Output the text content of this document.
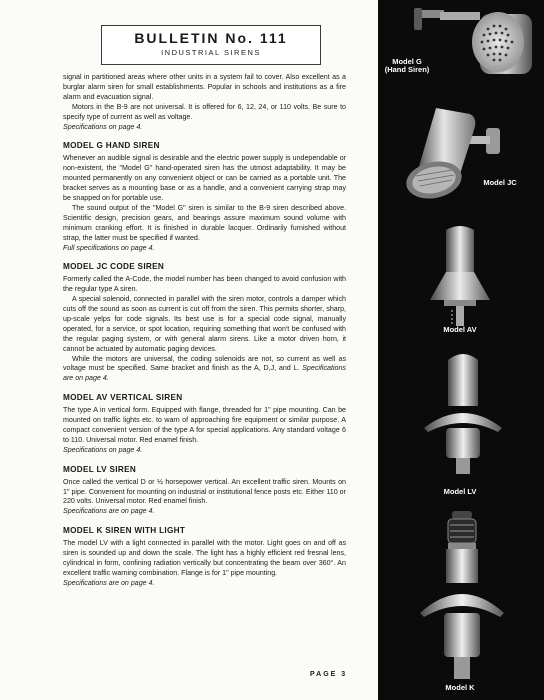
BULLETIN No. 111
INDUSTRIAL SIRENS

signal in partitioned areas where other units in a system fail to cover. Also excellent as a burglar alarm siren for small establishments. Popular in schools and institutions as a fire alarm and evacuation signal.

Motors in the B-9 are not universal. It is offered for 6, 12, 24, or 110 volts. Be sure to specify type of current as well as voltage.

Specifications on page 4.

MODEL G HAND SIREN

Whenever an audible signal is desirable and the electric power supply is undependable or non-existent, the "Model G" hand-operated siren has the utmost adaptability. It may be mounted permanently on any convenient object or can be carried as a portable unit. The bracket serves as a mounting base or as a handle, and a convenient carrying strap may be snapped on for portable use.

The sound output of the "Model G" siren is similar to the B-9 siren described above. Scientific design, precision gears, and bearings assure maximum sound volume with minimum cranking effort. It is finished in durable lacquer. Ordinarily furnished without strap, the latter must be specified if wanted.

Full specifications on page 4.

MODEL JC CODE SIREN

Formerly called the A-Code, the model number has been changed to avoid confusion with the regular type A siren.

A special solenoid, connected in parallel with the siren motor, controls a damper which cuts off the sound as soon as current is cut off from the siren. This permits shorter, sharp, up-scale yelps for code signals. Its best use is for a special code signal, manually operated, for a service, or spot location, requiring something that won't be confused with the regular paging system, or with general alarm sirens. Like a motor driven horn, it cannot be actuated by automatic paging devices.

While the motors are universal, the coding solenoids are not, so current as well as voltage must be specified. Same bracket and finish as the A, D,J, and L. Specifications are on page 4.

MODEL AV VERTICAL SIREN

The type A in vertical form. Equipped with flange, threaded for 1" pipe mounting. Can be mounted on traffic lights etc. to warn of approaching fire equipment or similar purpose. A compact convenient version of the type A for special applications. Any standard voltage 6 to 110. Universal motor. Red enamel finish.

Specifications on page 4.

MODEL LV SIREN

Once called the vertical D or ½ horsepower vertical. An excellent traffic siren. Mounts on 1" pipe. Convenient for mounting on industrial or institutional fence posts etc. Either 110 or 220 volts. Universal motor. Red enamel finish.

Specifications are on page 4.

MODEL K SIREN WITH LIGHT

The model LV with a light connected in parallel with the motor. Light goes on and off as siren is sounded up and down the scale. The light has a highly efficient red fresnal lens, cylindrical in form, confining radiation vertically but concentrating the beam over 360°. An excellent traffic warning combination. Flange is for 1" pipe mounting.

Specifications are on page 4.

PAGE 3
Model G
(Hand Siren)
Model JC
Model AV
Model LV
Model K
